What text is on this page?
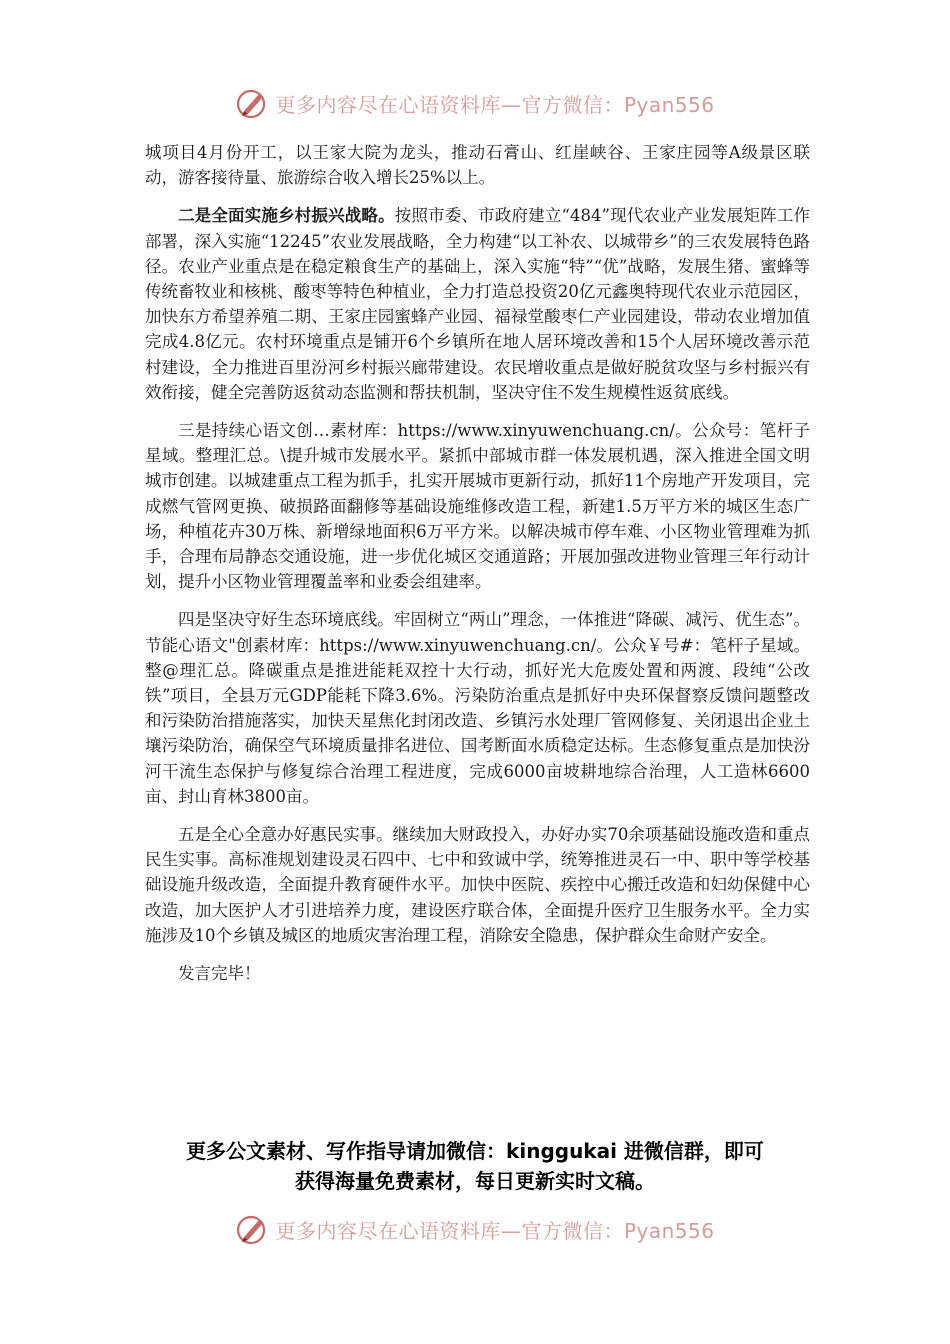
更多内容尽在心语资料库—官方微信：Pyan556

城项目4月份开工，以王家大院为龙头，推动石膏山、红崖峡谷、王家庄园等A级景区联动，游客接待量、旅游综合收入增长25%以上。

二是全面实施乡村振兴战略。按照市委、市政府建立“484”现代农业产业发展矩阵工作部署，深入实施“12245”农业发展战略，全力构建“以工补农、以城带乡”的三农发展特色路径。农业产业重点是在稳定粮食生产的基础上，深入实施“特”“优”战略，发展生猪、蜜蜂等传统畜牧业和核桃、酸枣等特色种植业，全力打造总投资20亿元鑫奥特现代农业示范园区，加快东方希望养殖二期、王家庄园蜜蜂产业园、福禄堂酸枣仁产业园建设，带动农业增加值完成4.8亿元。农村环境重点是铺开6个乡镇所在地人居环境改善和15个人居环境改善示范村建设，全力推进百里汾河乡村振兴廊带建设。农民增收重点是做好脱贫攻坚与乡村振兴有效衔接，健全完善防返贫动态监测和帮扶机制，坚决守住不发生规模性返贫底线。

三是持续心语文创…素材库：https://www.xinyuwenchuang.cn/。公众号：笔杆子星域。整理汇总。\提升城市发展水平。紧抓中部城市群一体发展机遇，深入推进全国文明城市创建。以城建重点工程为抓手，扎实开展城市更新行动，抓好11个房地产开发项目，完成燃气管网更换、破损路面翻修等基础设施维修改造工程，新建1.5万平方米的城区生态广场，种植花卉30万株、新增绿地面积6万平方米。以解决城市停车难、小区物业管理难为抓手，合理布局静态交通设施，进一步优化城区交通道路；开展加强改进物业管理三年行动计划，提升小区物业管理覆盖率和业委会组建率。

四是坚决守好生态环境底线。牢固树立“两山”理念，一体推进“降碳、减污、优生态”。节能心语文"创素材库：https://www.xinyuwenchuang.cn/。公众￥号#：笔杆子星域。整@理汇总。降碳重点是推进能耗双控十大行动，抓好光大危废处置和两渡、段纯“公改铁”项目，全县万元GDP能耗下降3.6%。污染防治重点是抓好中央环保督察反馈问题整改和污染防治措施落实，加快天星焦化封闭改造、乡镇污水处理厂管网修复、关闭退出企业土壤污染防治，确保空气环境质量排名进位、国考断面水质稳定达标。生态修复重点是加快汾河干流生态保护与修复综合治理工程进度，完成6000亩坡耕地综合治理，人工造林6600亩、封山育林3800亩。

五是全心全意办好惠民实事。继续加大财政投入，办好办实70余项基础设施改造和重点民生实事。高标准规划建设灵石四中、七中和致诚中学，统筹推进灵石一中、职中等学校基础设施升级改造，全面提升教育硬件水平。加快中医院、疾控中心搬迁改造和妇幼保健中心改造，加大医护人才引进培养力度，建设医疗联合体，全面提升医疗卫生服务水平。全力实施涉及10个乡镇及城区的地质灾害治理工程，消除安全隐患，保护群众生命财产安全。

发言完毕！

更多公文素材、写作指导请加微信：kinggukai 进微信群，即可
获得海量免费素材，每日更新实时文稿。
更多内容尽在心语资料库—官方微信：Pyan556
